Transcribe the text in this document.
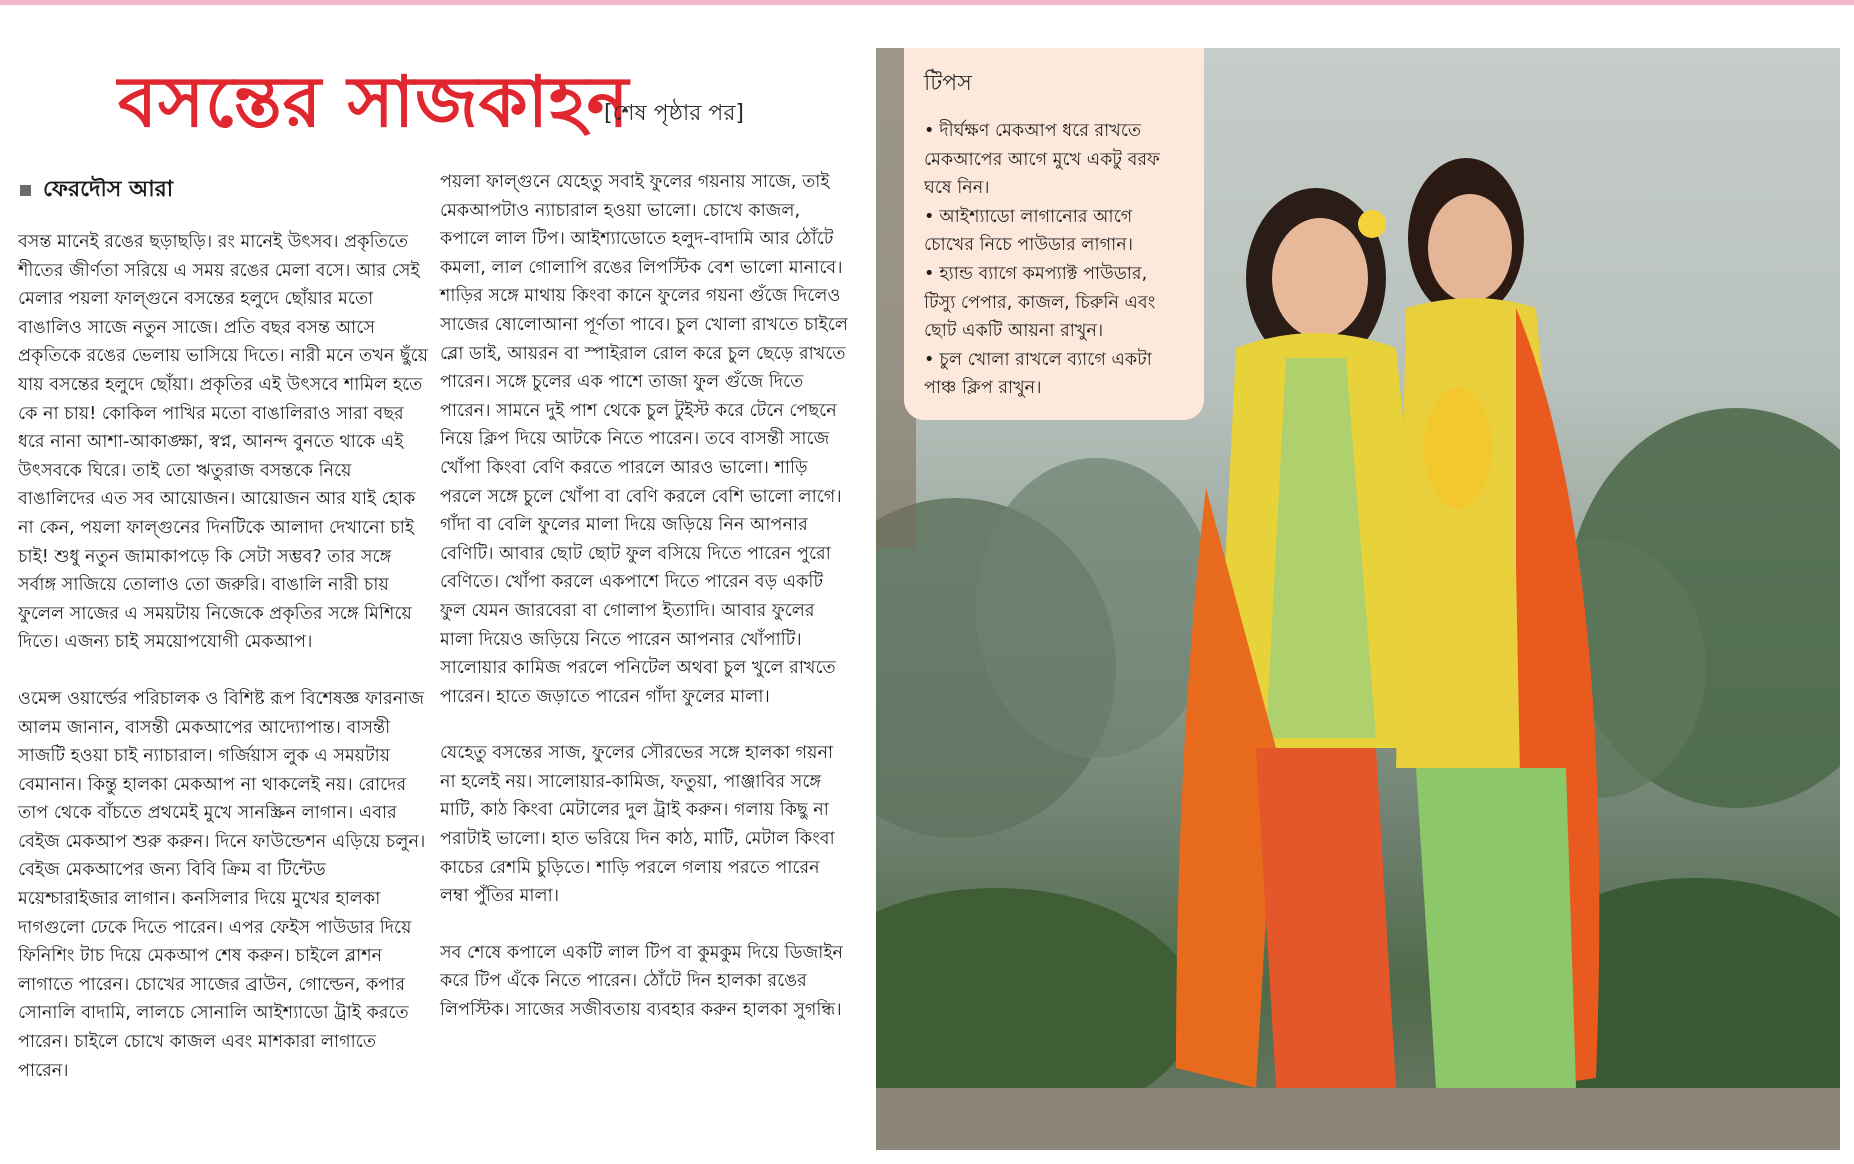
বসন্তের সাজকাহন
[শেষ পৃষ্ঠার পর]
ফেরদৌস আরা

বসন্ত মানেই রঙের ছড়াছড়ি। রং মানেই উৎসব। প্রকৃতিতে শীতের জীর্ণতা সরিয়ে এ সময় রঙের মেলা বসে। আর সেই মেলার পয়লা ফাল্গুনে বসন্তের হলুদে ছোঁয়ার মতো বাঙালিও সাজে নতুন সাজে। প্রতি বছর বসন্ত আসে প্রকৃতিকে রঙের ভেলায় ভাসিয়ে দিতে। নারী মনে তখন ছুঁয়ে যায় বসন্তের হলুদে ছোঁয়া। প্রকৃতির এই উৎসবে শামিল হতে কে না চায়! কোকিল পাখির মতো বাঙালিরাও সারা বছর ধরে নানা আশা-আকাঙ্ক্ষা, স্বপ্ন, আনন্দ বুনতে থাকে এই উৎসবকে ঘিরে। তাই তো ঋতুরাজ বসন্তকে নিয়ে বাঙালিদের এত সব আয়োজন। আয়োজন আর যাই হোক না কেন, পয়লা ফাল্গুনের দিনটিকে আলাদা দেখানো চাই চাই! শুধু নতুন জামাকাপড়ে কি সেটা সম্ভব? তার সঙ্গে সর্বাঙ্গ সাজিয়ে তোলাও তো জরুরি। বাঙালি নারী চায় ফুলেল সাজের এ সময়টায় নিজেকে প্রকৃতির সঙ্গে মিশিয়ে দিতে। এজন্য চাই সময়োপযোগী মেকআপ।

ওমেন্স ওয়ার্ল্ডের পরিচালক ও বিশিষ্ট রূপ বিশেষজ্ঞ ফারনাজ আলম জানান, বাসন্তী মেকআপের আদ্যোপান্ত। বাসন্তী সাজটি হওয়া চাই ন্যাচারাল। গর্জিয়াস লুক এ সময়টায় বেমানান। কিন্তু হালকা মেকআপ না থাকলেই নয়। রোদের তাপ থেকে বাঁচতে প্রথমেই মুখে সানস্ক্রিন লাগান। এবার বেইজ মেকআপ শুরু করুন। দিনে ফাউন্ডেশন এড়িয়ে চলুন। বেইজ মেকআপের জন্য বিবি ক্রিম বা টিন্টেড ময়েশ্চারাইজার লাগান। কনসিলার দিয়ে মুখের হালকা দাগগুলো ঢেকে দিতে পারেন। এপর ফেইস পাউডার দিয়ে ফিনিশিং টাচ দিয়ে মেকআপ শেষ করুন। চাইলে ব্লাশন লাগাতে পারেন। চোখের সাজের ব্রাউন, গোল্ডেন, কপার সোনালি বাদামি, লালচে সোনালি আইশ্যাডো ট্রাই করতে পারেন। চাইলে চোখে কাজল এবং মাশকারা লাগাতে পারেন।

পয়লা ফাল্গুনে যেহেতু সবাই ফুলের গয়নায় সাজে, তাই মেকআপটাও ন্যাচারাল হওয়া ভালো। চোখে কাজল, কপালে লাল টিপ। আইশ্যাডোতে হলুদ-বাদামি আর ঠোঁটে কমলা, লাল গোলাপি রঙের লিপস্টিক বেশ ভালো মানাবে। শাড়ির সঙ্গে মাথায় কিংবা কানে ফুলের গয়না গুঁজে দিলেও সাজের ষোলোআনা পূর্ণতা পাবে। চুল খোলা রাখতে চাইলে ব্লো ডাই, আয়রন বা স্পাইরাল রোল করে চুল ছেড়ে রাখতে পারেন। সঙ্গে চুলের এক পাশে তাজা ফুল গুঁজে দিতে পারেন। সামনে দুই পাশ থেকে চুল টুইস্ট করে টেনে পেছনে নিয়ে ক্লিপ দিয়ে আটকে নিতে পারেন। তবে বাসন্তী সাজে খোঁপা কিংবা বেণি করতে পারলে আরও ভালো। শাড়ি পরলে সঙ্গে চুলে খোঁপা বা বেণি করলে বেশি ভালো লাগে। গাঁদা বা বেলি ফুলের মালা দিয়ে জড়িয়ে নিন আপনার বেণিটি। আবার ছোট ছোট ফুল বসিয়ে দিতে পারেন পুরো বেণিতে। খোঁপা করলে একপাশে দিতে পারেন বড় একটি ফুল যেমন জারবেরা বা গোলাপ ইত্যাদি। আবার ফুলের মালা দিয়েও জড়িয়ে নিতে পারেন আপনার খোঁপাটি। সালোয়ার কামিজ পরলে পনিটেল অথবা চুল খুলে রাখতে পারেন। হাতে জড়াতে পারেন গাঁদা ফুলের মালা।

যেহেতু বসন্তের সাজ, ফুলের সৌরভের সঙ্গে হালকা গয়না না হলেই নয়। সালোয়ার-কামিজ, ফতুয়া, পাঞ্জাবির সঙ্গে মাটি, কাঠ কিংবা মেটালের দুল ট্রাই করুন। গলায় কিছু না পরাটাই ভালো। হাত ভরিয়ে দিন কাঠ, মাটি, মেটাল কিংবা কাচের রেশমি চুড়িতে। শাড়ি পরলে গলায় পরতে পারেন লম্বা পুঁতির মালা।

সব শেষে কপালে একটি লাল টিপ বা কুমকুম দিয়ে ডিজাইন করে টিপ এঁকে নিতে পারেন। ঠোঁটে দিন হালকা রঙের লিপস্টিক। সাজের সজীবতায় ব্যবহার করুন হালকা সুগন্ধি।

টিপস
• দীর্ঘক্ষণ মেকআপ ধরে রাখতে মেকআপের আগে মুখে একটু বরফ ঘষে নিন।
• আইশ্যাডো লাগানোর আগে চোখের নিচে পাউডার লাগান।
• হ্যান্ড ব্যাগে কমপ্যাক্ট পাউডার, টিস্যু পেপার, কাজল, চিরুনি এবং ছোট একটি আয়না রাখুন।
• চুল খোলা রাখলে ব্যাগে একটা পাঞ্চ ক্লিপ রাখুন।
